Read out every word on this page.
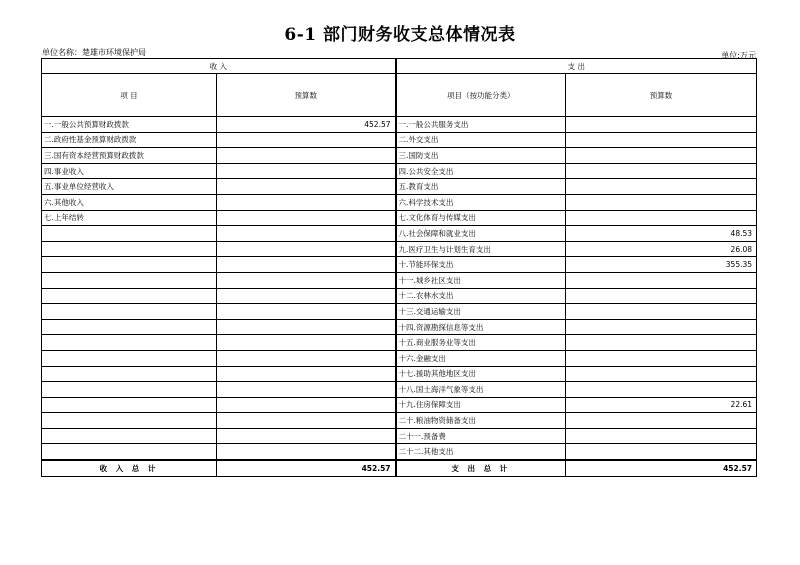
6-1 部门财务收支总体情况表
单位名称：楚雄市环境保护局	单位:万元
收 入		支 出	
项 目	预算数	项目（按功能分类）	预算数
一.一般公共预算财政拨款	452.57	一.一般公共服务支出	
二.政府性基金预算财政拨款		二.外交支出	
三.国有资本经营预算财政拨款		三.国防支出	
四.事业收入		四.公共安全支出	
五.事业单位经营收入		五.教育支出	
六.其他收入		六.科学技术支出	
七.上年结转		七.文化体育与传媒支出	
		八.社会保障和就业支出	48.53
		九.医疗卫生与计划生育支出	26.08
		十.节能环保支出	355.35
		十一.城乡社区支出	
		十二.农林水支出	
		十三.交通运输支出	
		十四.资源勘探信息等支出	
		十五.商业服务业等支出	
		十六.金融支出	
		十七.援助其他地区支出	
		十八.国土海洋气象等支出	
		十九.住房保障支出	22.61
		二十.粮油物资储备支出	
		二十一.预备费	
		二十二.其他支出	
收 入 总 计	452.57	支 出 总 计	452.57
